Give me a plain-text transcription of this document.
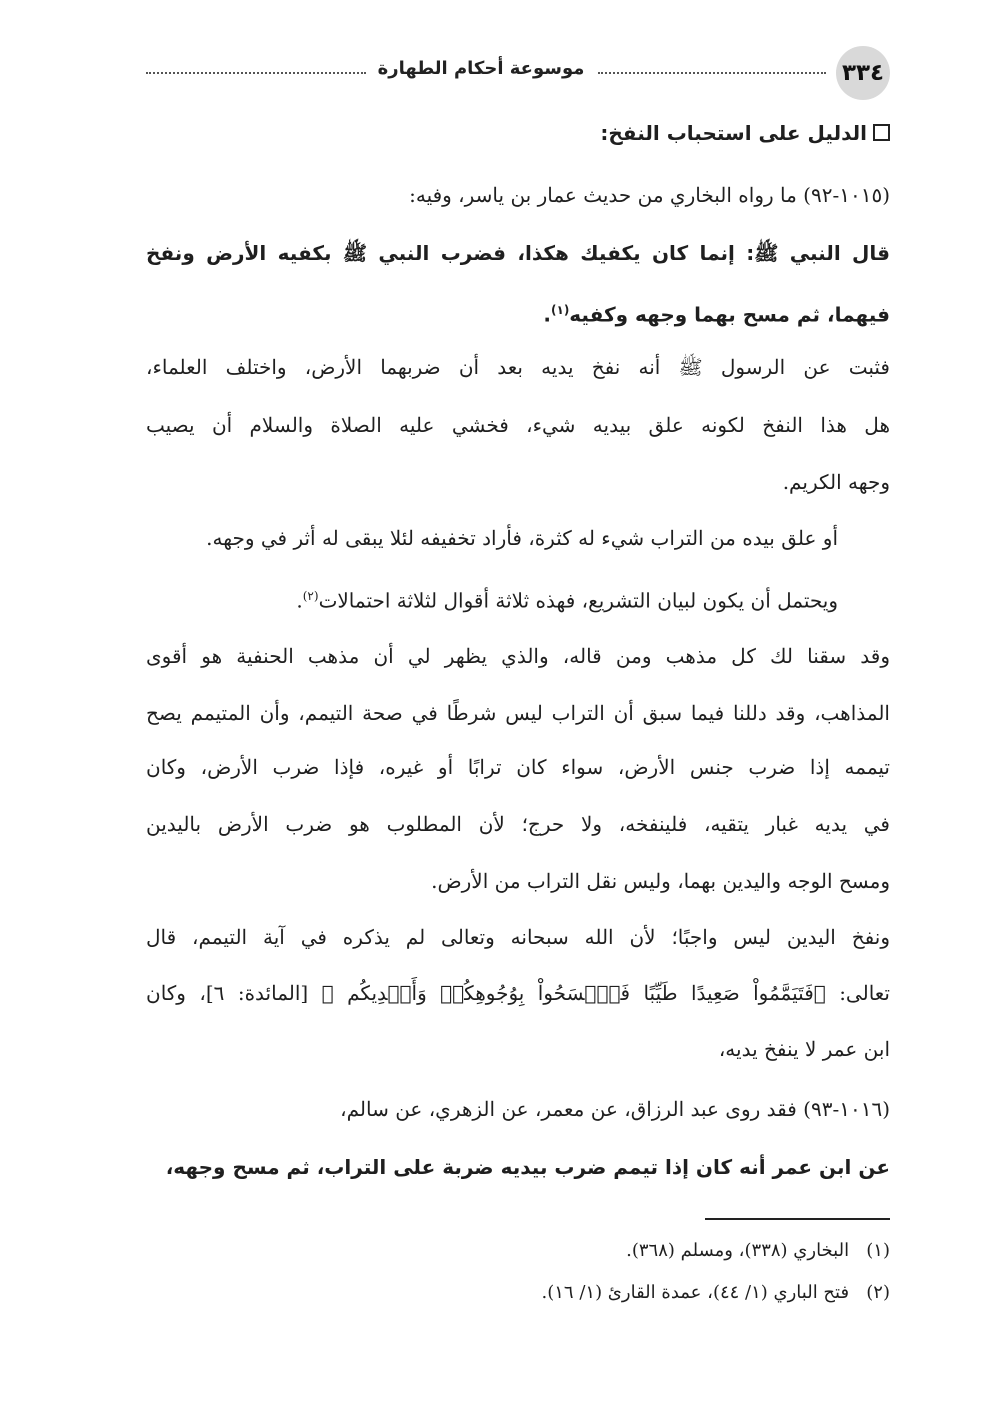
٣٣٤
موسوعة أحكام الطهارة
الدليل على استحباب النفخ:
(١٠١٥-٩٢) ما رواه البخاري من حديث عمار بن ياسر، وفيه:
قال النبي ﷺ: إنما كان يكفيك هكذا، فضرب النبي ﷺ بكفيه الأرض ونفخ
فيهما، ثم مسح بهما وجهه وكفيه$^{(١)}$.
فثبت عن الرسول ﷺ أنه نفخ يديه بعد أن ضربهما الأرض، واختلف العلماء،
هل هذا النفخ لكونه علق بيديه شيء، فخشي عليه الصلاة والسلام أن يصيب
وجهه الكريم.
أو علق بيده من التراب شيء له كثرة، فأراد تخفيفه لئلا يبقى له أثر في وجهه.
ويحتمل أن يكون لبيان التشريع، فهذه ثلاثة أقوال لثلاثة احتمالات$^{(٢)}$.
وقد سقنا لك كل مذهب ومن قاله، والذي يظهر لي أن مذهب الحنفية هو أقوى
المذاهب، وقد دللنا فيما سبق أن التراب ليس شرطًا في صحة التيمم، وأن المتيمم يصح
تيممه إذا ضرب جنس الأرض، سواء كان ترابًا أو غيره، فإذا ضرب الأرض، وكان
في يديه غبار يتقيه، فلينفخه، ولا حرج؛ لأن المطلوب هو ضرب الأرض باليدين
ومسح الوجه واليدين بهما، وليس نقل التراب من الأرض.
ونفخ اليدين ليس واجبًا؛ لأن الله سبحانه وتعالى لم يذكره في آية التيمم، قال
تعالى: ﴿فَتَيَمَّمُواْ صَعِيدًا طَيِّبًا فَٱمۡسَحُواْ بِوُجُوهِكُمۡ وَأَيۡدِيكُم ﴾ [المائدة: ٦]، وكان
ابن عمر لا ينفخ يديه،
(١٠١٦-٩٣) فقد روى عبد الرزاق، عن معمر، عن الزهري، عن سالم،
عن ابن عمر أنه كان إذا تيمم ضرب بيديه ضربة على التراب، ثم مسح وجهه،
(١)   البخاري (٣٣٨)، ومسلم (٣٦٨).
(٢)   فتح الباري (١/ ٤٤)، عمدة القارئ (١/ ١٦).
